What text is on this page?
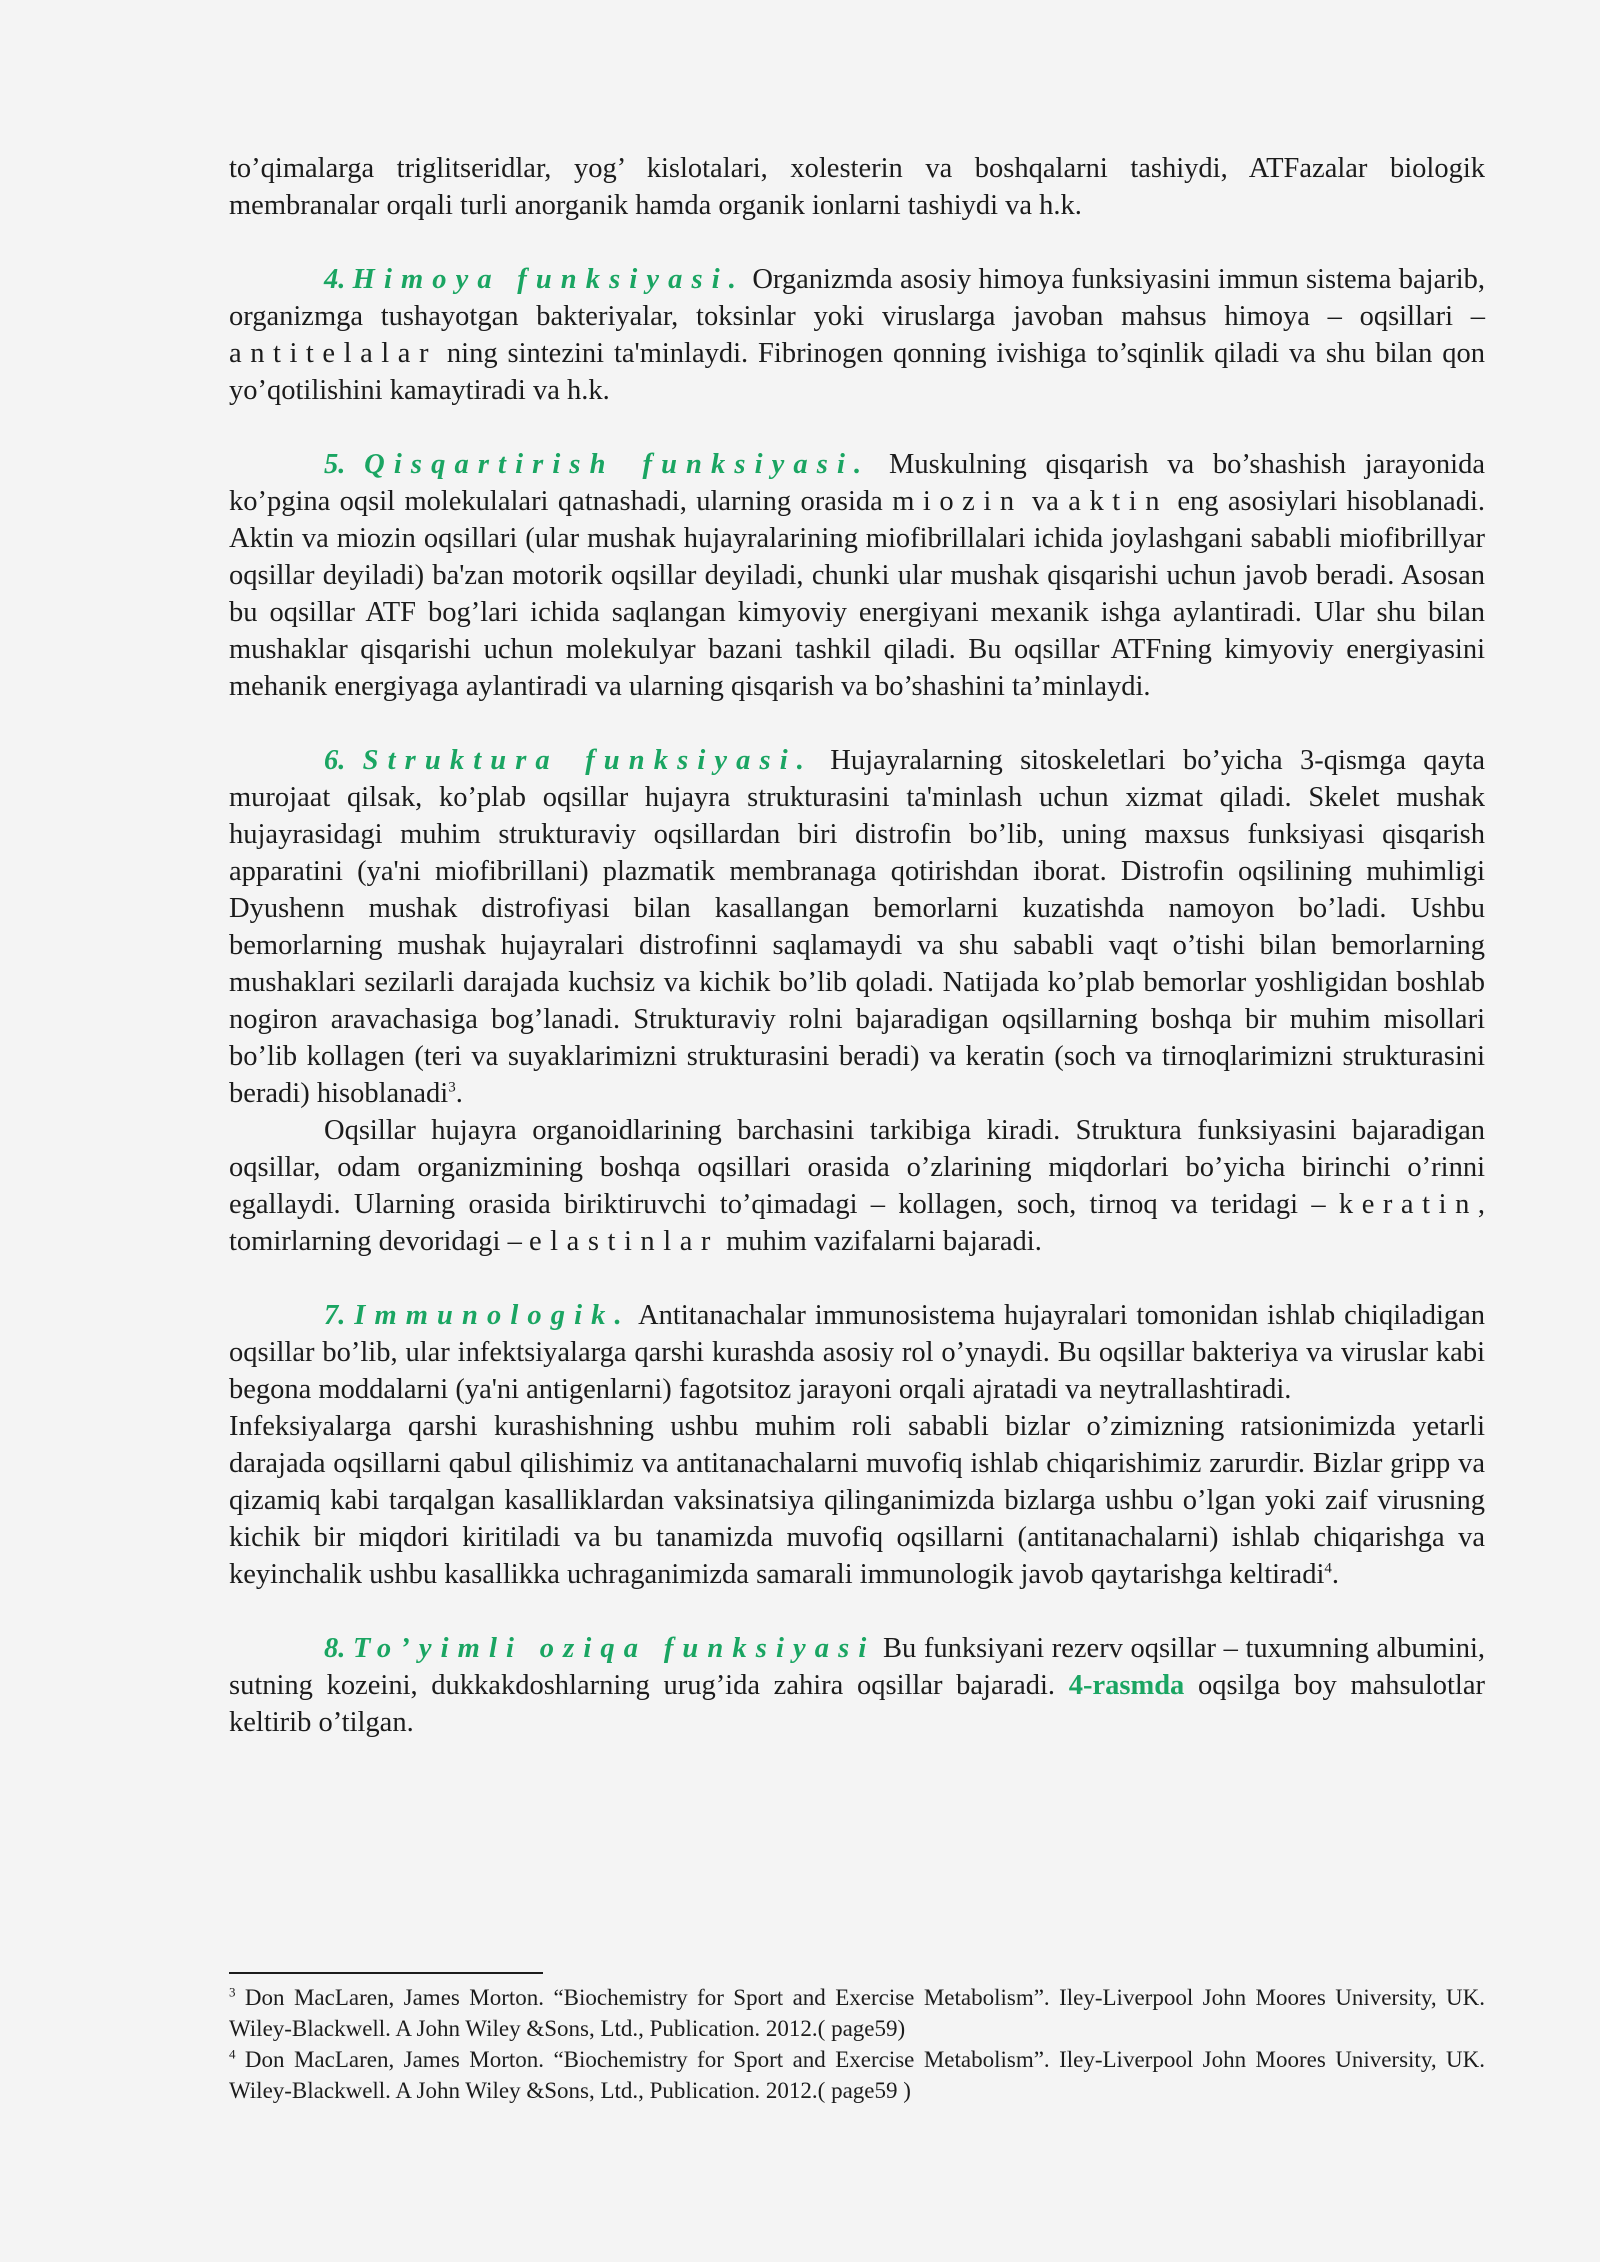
to’qimalarga triglitseridlar, yog’ kislotalari, xolesterin va boshqalarni tashiydi, ATFazalar biologik membranalar orqali turli anorganik hamda organik ionlarni tashiydi va h.k.

4. Himoya funksiyasi. Organizmda asosiy himoya funksiyasini immun sistema bajarib, organizmga tushayotgan bakteriyalar, toksinlar yoki viruslarga javoban mahsus himoya – oqsillari – antitelalar ning sintezini ta'minlaydi. Fibrinogen qonning ivishiga to’sqinlik qiladi va shu bilan qon yo’qotilishini kamaytiradi va h.k.

5. Qisqartirish funksiyasi. Muskulning qisqarish va bo’shashish jarayonida ko’pgina oqsil molekulalari qatnashadi, ularning orasida miozin va aktin eng asosiylari hisoblanadi. Aktin va miozin oqsillari (ular mushak hujayralarining miofibrillalari ichida joylashgani sababli miofibrillyar oqsillar deyiladi) ba'zan motorik oqsillar deyiladi, chunki ular mushak qisqarishi uchun javob beradi. Asosan bu oqsillar ATF bog’lari ichida saqlangan kimyoviy energiyani mexanik ishga aylantiradi. Ular shu bilan mushaklar qisqarishi uchun molekulyar bazani tashkil qiladi. Bu oqsillar ATFning kimyoviy energiyasini mehanik energiyaga aylantiradi va ularning qisqarish va bo’shashini ta’minlaydi.

6. Struktura funksiyasi. Hujayralarning sitoskeletlari bo’yicha 3-qismga qayta murojaat qilsak, ko’plab oqsillar hujayra strukturasini ta'minlash uchun xizmat qiladi. Skelet mushak hujayrasidagi muhim strukturaviy oqsillardan biri distrofin bo’lib, uning maxsus funksiyasi qisqarish apparatini (ya'ni miofibrillani) plazmatik membranaga qotirishdan iborat. Distrofin oqsilining muhimligi Dyushenn mushak distrofiyasi bilan kasallangan bemorlarni kuzatishda namoyon bo’ladi. Ushbu bemorlarning mushak hujayralari distrofinni saqlamaydi va shu sababli vaqt o’tishi bilan bemorlarning mushaklari sezilarli darajada kuchsiz va kichik bo’lib qoladi. Natijada ko’plab bemorlar yoshligidan boshlab nogiron aravachasiga bog’lanadi. Strukturaviy rolni bajaradigan oqsillarning boshqa bir muhim misollari bo’lib kollagen (teri va suyaklarimizni strukturasini beradi) va keratin (soch va tirnoqlarimizni strukturasini beradi) hisoblanadi$^3$.

Oqsillar hujayra organoidlarining barchasini tarkibiga kiradi. Struktura funksiyasini bajaradigan oqsillar, odam organizmining boshqa oqsillari orasida o’zlarining miqdorlari bo’yicha birinchi o’rinni egallaydi. Ularning orasida biriktiruvchi to’qimadagi – kollagen, soch, tirnoq va teridagi – keratin, tomirlarning devoridagi – elastinlar muhim vazifalarni bajaradi.

7. Immunologik. Antitanachalar immunosistema hujayralari tomonidan ishlab chiqiladigan oqsillar bo’lib, ular infektsiyalarga qarshi kurashda asosiy rol o’ynaydi. Bu oqsillar bakteriya va viruslar kabi begona moddalarni (ya'ni antigenlarni) fagotsitoz jarayoni orqali ajratadi va neytrallashtiradi.

Infeksiyalarga qarshi kurashishning ushbu muhim roli sababli bizlar o’zimizning ratsionimizda yetarli darajada oqsillarni qabul qilishimiz va antitanachalarni muvofiq ishlab chiqarishimiz zarurdir. Bizlar gripp va qizamiq kabi tarqalgan kasalliklardan vaksinatsiya qilinganimizda bizlarga ushbu o’lgan yoki zaif virusning kichik bir miqdori kiritiladi va bu tanamizda muvofiq oqsillarni (antitanachalarni) ishlab chiqarishga va keyinchalik ushbu kasallikka uchraganimizda samarali immunologik javob qaytarishga keltiradi$^4$.

8. To’yimli oziqa funksiyasi Bu funksiyani rezerv oqsillar – tuxumning albumini, sutning kozeini, dukkakdoshlarning urug’ida zahira oqsillar bajaradi. 4-rasmda oqsilga boy mahsulotlar keltirib o’tilgan.

$^3$ Don MacLaren, James Morton. “Biochemistry for Sport and Exercise Metabolism”. Iley-Liverpool John Moores University, UK. Wiley-Blackwell. A John Wiley &Sons, Ltd., Publication. 2012.( page59)

$^4$ Don MacLaren, James Morton. “Biochemistry for Sport and Exercise Metabolism”. Iley-Liverpool John Moores University, UK. Wiley-Blackwell. A John Wiley &Sons, Ltd., Publication. 2012.( page59 )
